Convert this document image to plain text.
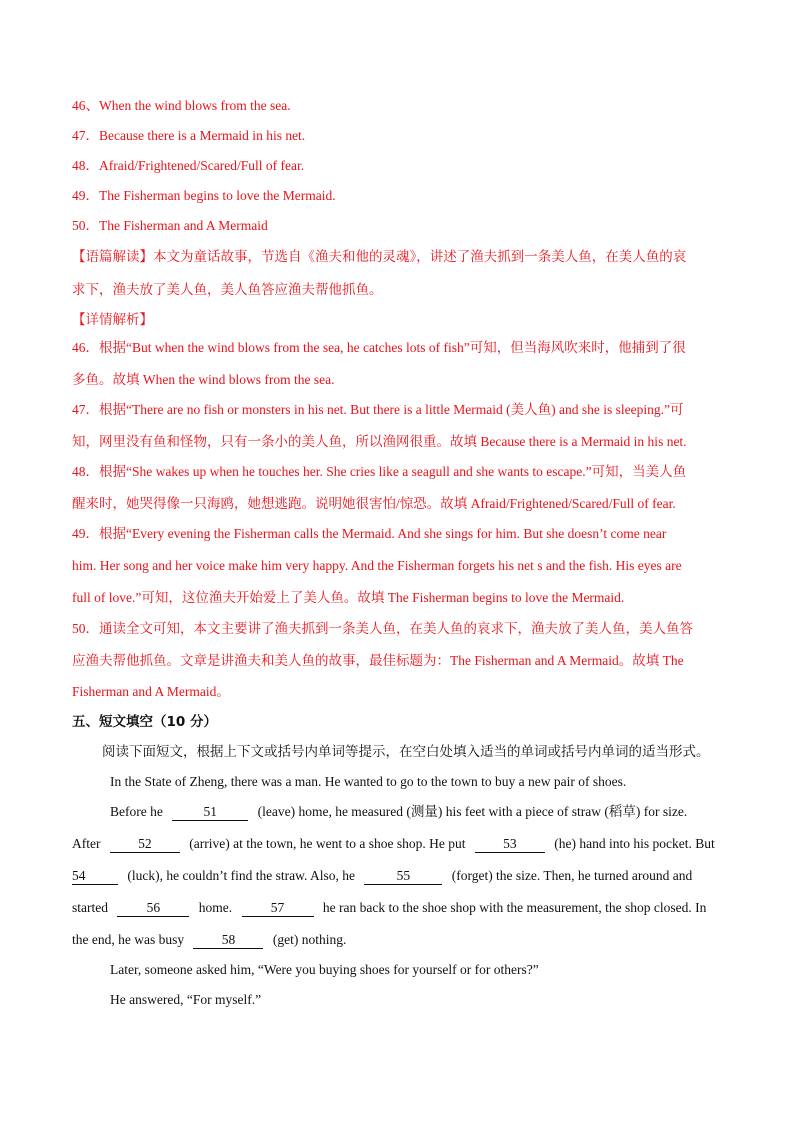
46、When the wind blows from the sea.
47．Because there is a Mermaid in his net.
48．Afraid/Frightened/Scared/Full of fear.
49．The Fisherman begins to love the Mermaid.
50．The Fisherman and A Mermaid
【语篇解读】本文为童话故事，节选自《渔夫和他的灵魂》，讲述了渔夫抓到一条美人鱼，在美人鱼的哀
求下，渔夫放了美人鱼，美人鱼答应渔夫帮他抓鱼。
【详情解析】
46．根据“But when the wind blows from the sea, he catches lots of fish”可知，但当海风吹来时，他捕到了很
多鱼。故填 When the wind blows from the sea.
47．根据“There are no fish or monsters in his net. But there is a little Mermaid (美人鱼) and she is sleeping.”可
知，网里没有鱼和怪物，只有一条小的美人鱼，所以渔网很重。故填 Because there is a Mermaid in his net.
48．根据“She wakes up when he touches her. She cries like a seagull and she wants to escape.”可知，当美人鱼
醒来时，她哭得像一只海鸥，她想逃跑。说明她很害怕/惊恐。故填 Afraid/Frightened/Scared/Full of fear.
49．根据“Every evening the Fisherman calls the Mermaid. And she sings for him. But she doesn’t come near
him. Her song and her voice make him very happy. And the Fisherman forgets his net s and the fish. His eyes are
full of love.”可知，这位渔夫开始爱上了美人鱼。故填 The Fisherman begins to love the Mermaid.
50．通读全文可知，本文主要讲了渔夫抓到一条美人鱼，在美人鱼的哀求下，渔夫放了美人鱼，美人鱼答
应渔夫帮他抓鱼。文章是讲渔夫和美人鱼的故事，最佳标题为：The Fisherman and A Mermaid。故填 The
Fisherman and A Mermaid。
五、短文填空（10 分）
阅读下面短文，根据上下文或括号内单词等提示，在空白处填入适当的单词或括号内单词的适当形式。
In the State of Zheng, there was a man. He wanted to go to the town to buy a new pair of shoes.
Before he	51	(leave) home, he measured (测量) his feet with a piece of straw (稻草) for size.
After	52	(arrive) at the town, he went to a shoe shop. He put	53	(he) hand into his pocket. But
54	(luck), he couldn’t find the straw. Also, he	55	(forget) the size. Then, he turned around and
started	56	home.	57	he ran back to the shoe shop with the measurement, the shop closed. In
the end, he was busy	58	(get) nothing.
Later, someone asked him, “Were you buying shoes for yourself or for others?”
He answered, “For myself.”
